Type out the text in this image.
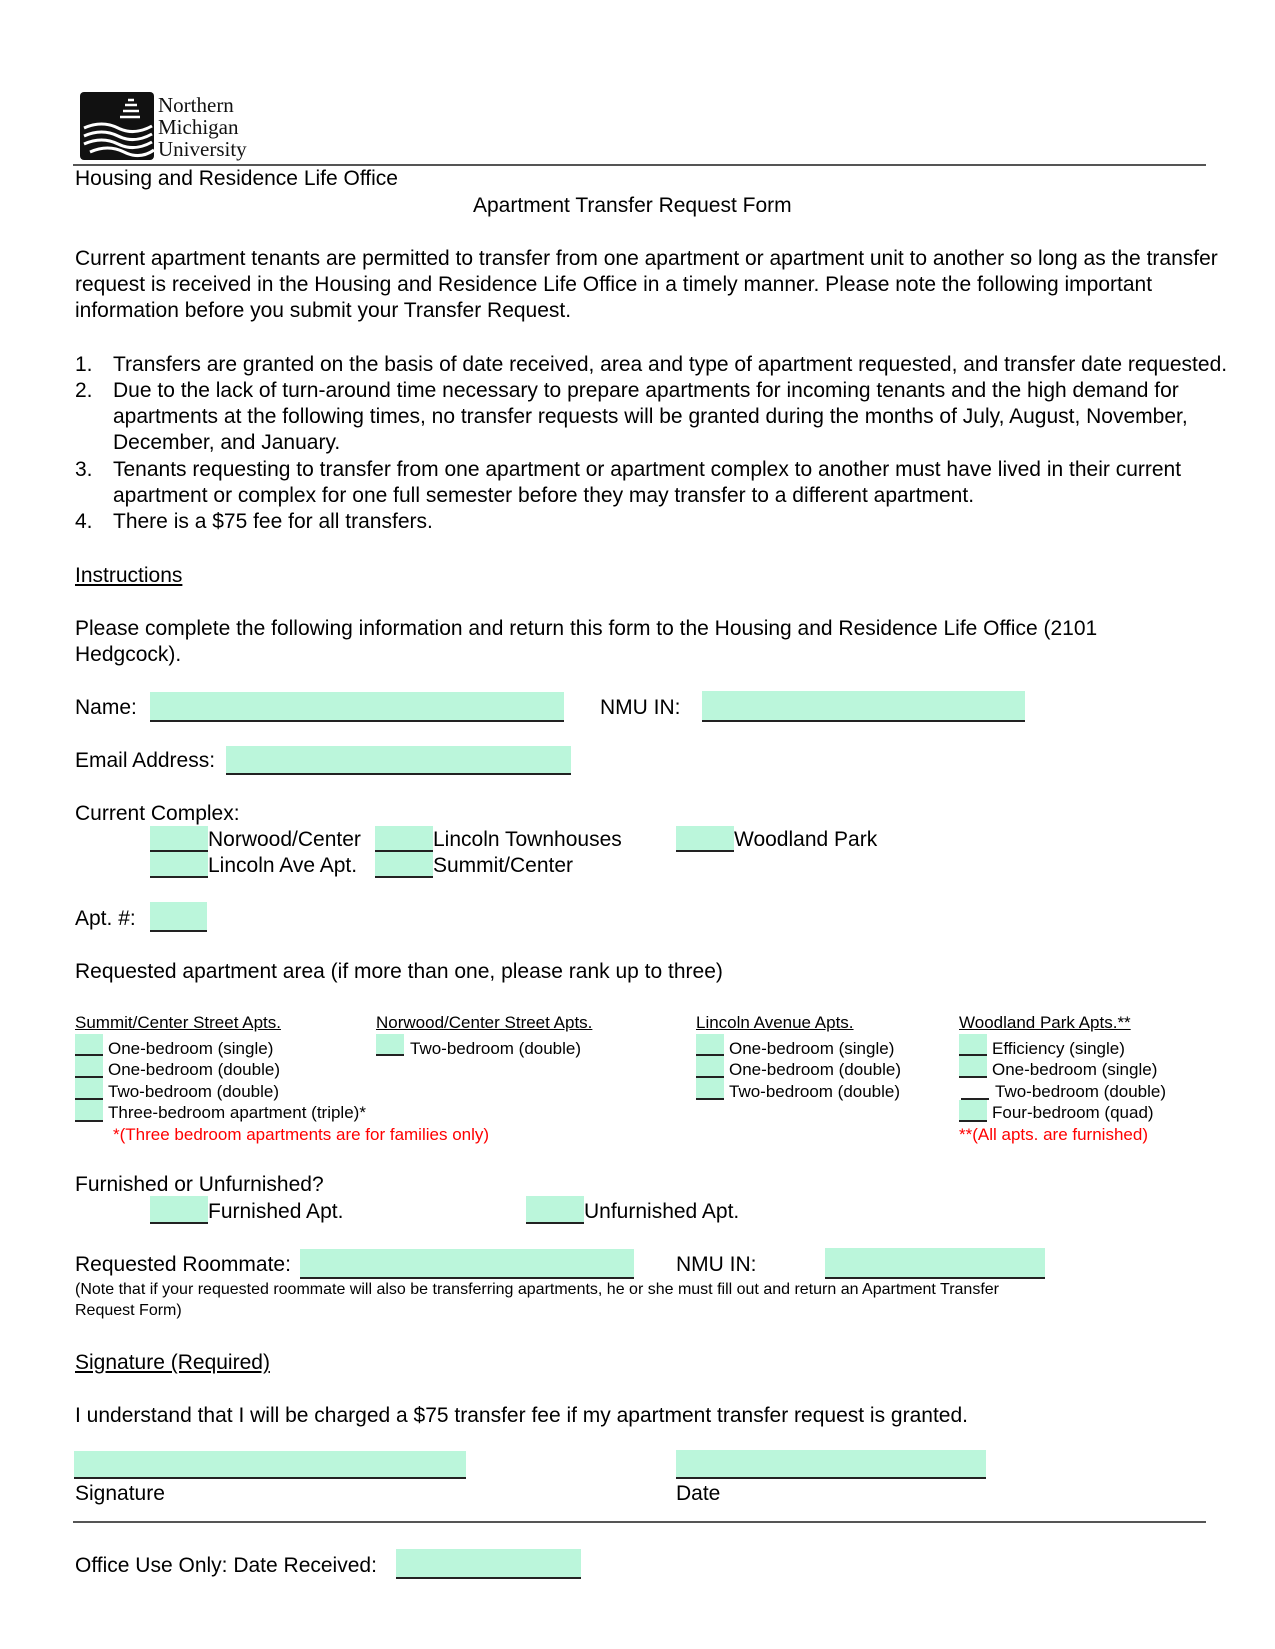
Northern
Michigan
University
Housing and Residence Life Office
Apartment Transfer Request Form
Current apartment tenants are permitted to transfer from one apartment or apartment unit to another so long as the transfer
request is received in the Housing and Residence Life Office in a timely manner. Please note the following important
information before you submit your Transfer Request.
1. Transfers are granted on the basis of date received, area and type of apartment requested, and transfer date requested.
2. Due to the lack of turn-around time necessary to prepare apartments for incoming tenants and the high demand for
apartments at the following times, no transfer requests will be granted during the months of July, August, November,
December, and January.
3. Tenants requesting to transfer from one apartment or apartment complex to another must have lived in their current
apartment or complex for one full semester before they may transfer to a different apartment.
4. There is a $75 fee for all transfers.
Instructions
Please complete the following information and return this form to the Housing and Residence Life Office (2101
Hedgcock).
Name:	NMU IN:
Email Address:
Current Complex:
Norwood/Center	Lincoln Townhouses	Woodland Park
Lincoln Ave Apt.	Summit/Center
Apt. #:
Requested apartment area (if more than one, please rank up to three)
Summit/Center Street Apts.
One-bedroom (single)
One-bedroom (double)
Two-bedroom (double)
Three-bedroom apartment (triple)*
*(Three bedroom apartments are for families only)
Norwood/Center Street Apts.
Two-bedroom (double)
Lincoln Avenue Apts.
One-bedroom (single)
One-bedroom (double)
Two-bedroom (double)
Woodland Park Apts.**
Efficiency (single)
One-bedroom (single)
Two-bedroom (double)
Four-bedroom (quad)
**(All apts. are furnished)
Furnished or Unfurnished?
Furnished Apt.	Unfurnished Apt.
Requested Roommate:	NMU IN:
(Note that if your requested roommate will also be transferring apartments, he or she must fill out and return an Apartment Transfer
Request Form)
Signature (Required)
I understand that I will be charged a $75 transfer fee if my apartment transfer request is granted.
Signature	Date
Office Use Only: Date Received:
